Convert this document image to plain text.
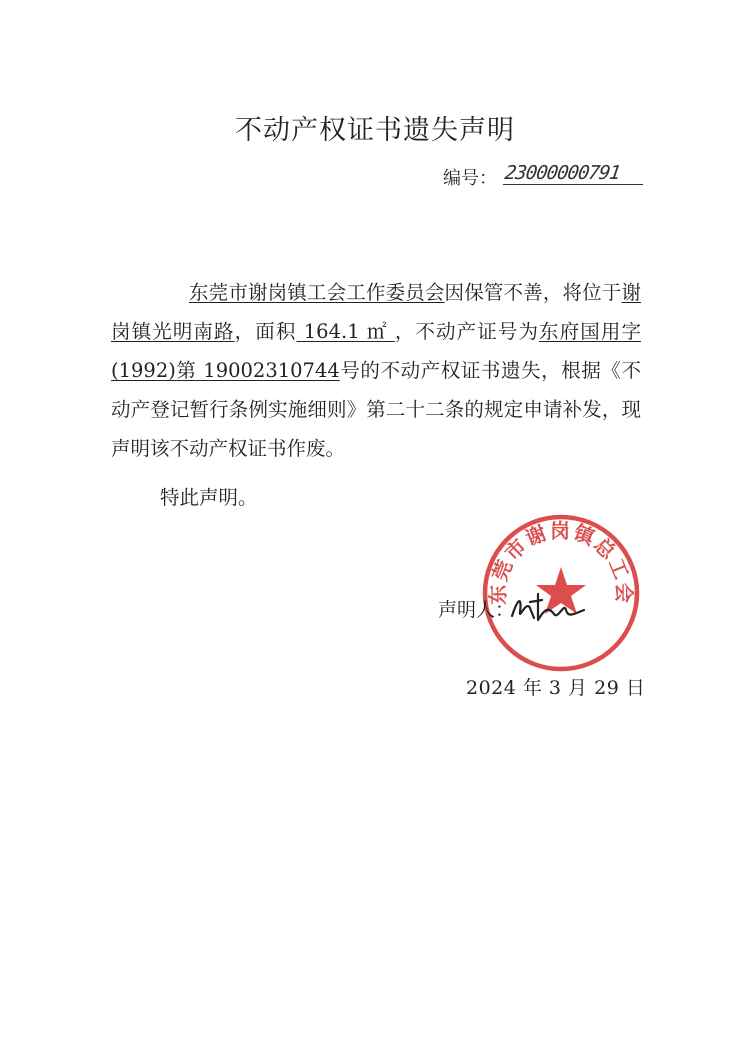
不动产权证书遗失声明
编号： 23000000791

东莞市谢岗镇工会工作委员会因保管不善，将位于谢岗镇光明南路，面积 164.1 ㎡ ，不动产证号为东府国用字(1992)第 19002310744号的不动产权证书遗失，根据《不动产登记暂行条例实施细则》第二十二条的规定申请补发，现声明该不动产权证书作废。

特此声明。

东莞市谢岗镇总工会
声明人：
2024 年 3 月 29 日
